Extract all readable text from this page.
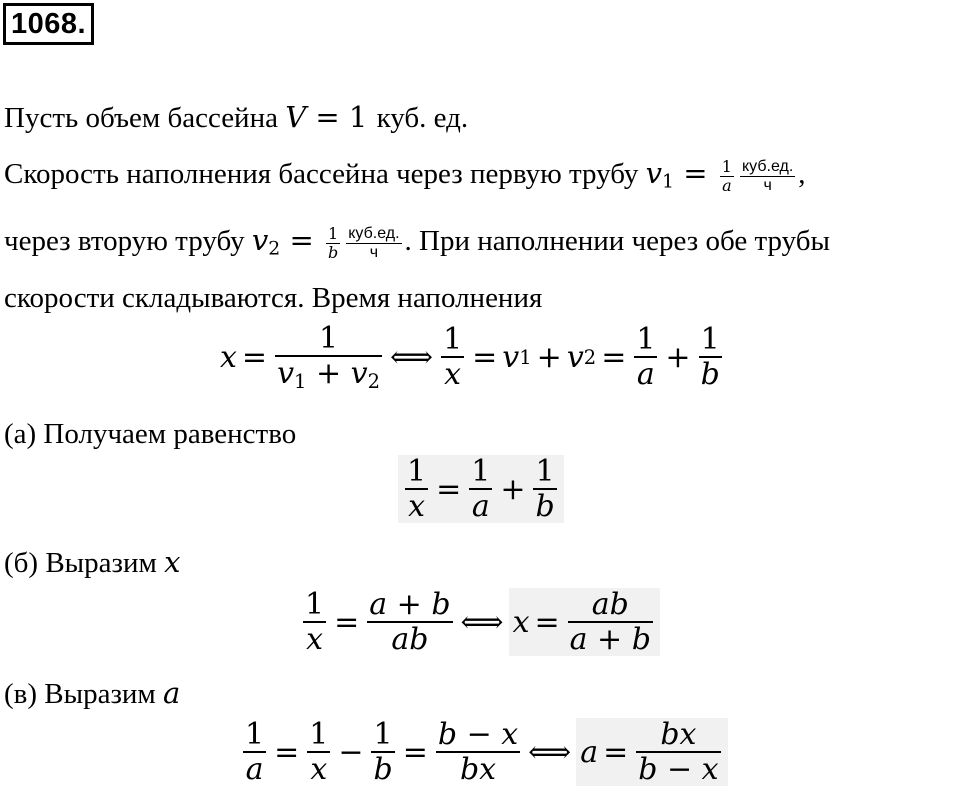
1068.
Пусть объем бассейна V = 1 куб. ед.
Скорость наполнения бассейна через первую трубу $v_1 = \frac{1}{a} \frac{\text{куб.ед.}}{ч}$ ,
через вторую трубу $v_2 = \frac{1}{b} \frac{\text{куб.ед.}}{ч}$ . При наполнении через обе трубы
скорости складываются. Время наполнения
$x = \frac{1}{v_1 + v_2}$ ⟺ $\frac{1}{x} = v$ 1 + v $2 = \frac{1}{a} + \frac{1}{b}$
(а) Получаем равенство
$\frac{1}{x} = \frac{1}{a} + \frac{1}{b}$
(б) Выразим x
$\frac{1}{x} = \frac{a + b}{ab}$ ⟺ $x = \frac{ab}{a + b}$
(в) Выразим a
$\frac{1}{a} = \frac{1}{x} - \frac{1}{b} = \frac{b - x}{bx}$ ⟺ $a = \frac{bx}{b - x}$
